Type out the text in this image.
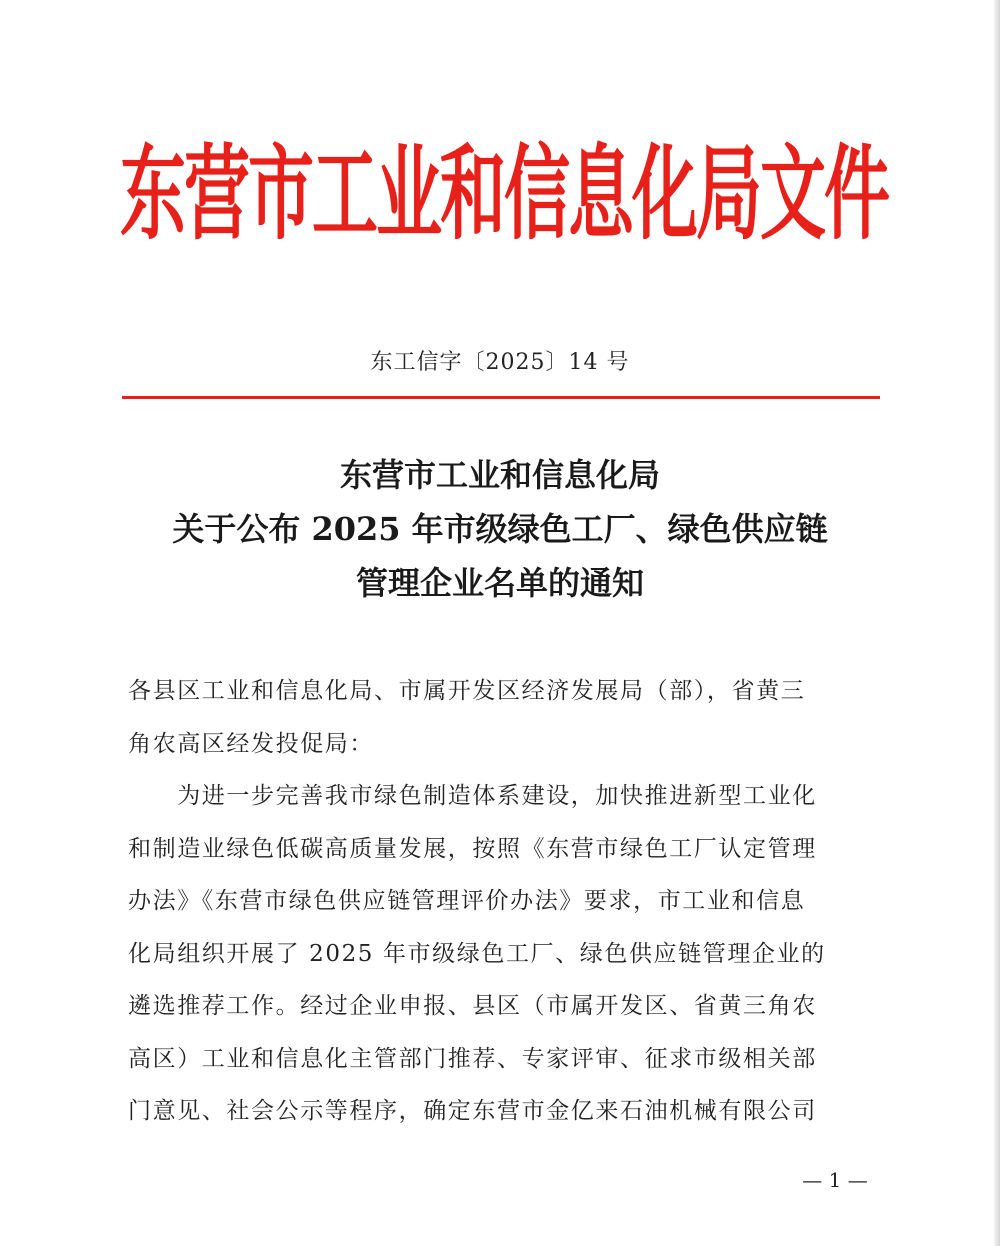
东营市工业和信息化局文件
东工信字〔2025〕14 号
东营市工业和信息化局
关于公布 2025 年市级绿色工厂、绿色供应链
管理企业名单的通知
各县区工业和信息化局、市属开发区经济发展局（部），省黄三
角农高区经发投促局：
　　为进一步完善我市绿色制造体系建设，加快推进新型工业化
和制造业绿色低碳高质量发展，按照《东营市绿色工厂认定管理
办法》《东营市绿色供应链管理评价办法》要求，市工业和信息
化局组织开展了 2025 年市级绿色工厂、绿色供应链管理企业的
遴选推荐工作。经过企业申报、县区（市属开发区、省黄三角农
高区）工业和信息化主管部门推荐、专家评审、征求市级相关部
门意见、社会公示等程序，确定东营市金亿来石油机械有限公司
— 1 —
